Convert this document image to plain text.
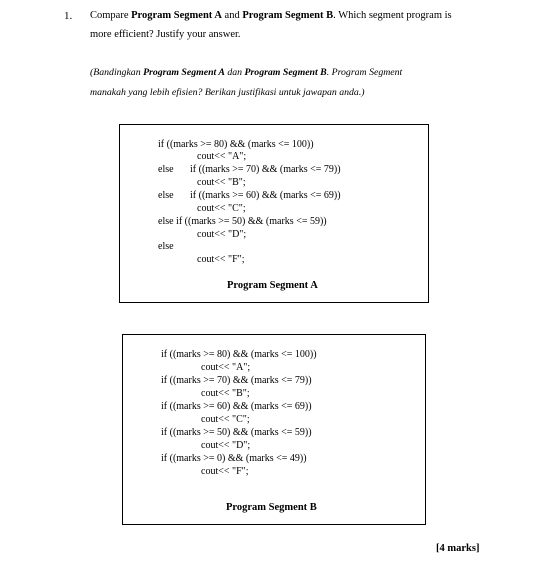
1. Compare Program Segment A and Program Segment B. Which segment program is
more efficient? Justify your answer.
(Bandingkan Program Segment A dan Program Segment B. Program Segment
manakah yang lebih efisien? Berikan justifikasi untuk jawapan anda.)
if ((marks >= 80) && (marks <= 100))
cout<< "A";
else if ((marks >= 70) && (marks <= 79))
cout<< "B";
else if ((marks >= 60) && (marks <= 69))
cout<< "C";
else if ((marks >= 50) && (marks <= 59))
cout<< "D";
else
cout<< "F";
Program Segment A
if ((marks >= 80) && (marks <= 100))
cout<< "A";
if ((marks >= 70) && (marks <= 79))
cout<< "B";
if ((marks >= 60) && (marks <= 69))
cout<< "C";
if ((marks >= 50) && (marks <= 59))
cout<< "D";
if ((marks >= 0) && (marks <= 49))
cout<< "F";
Program Segment B
[4 marks]
